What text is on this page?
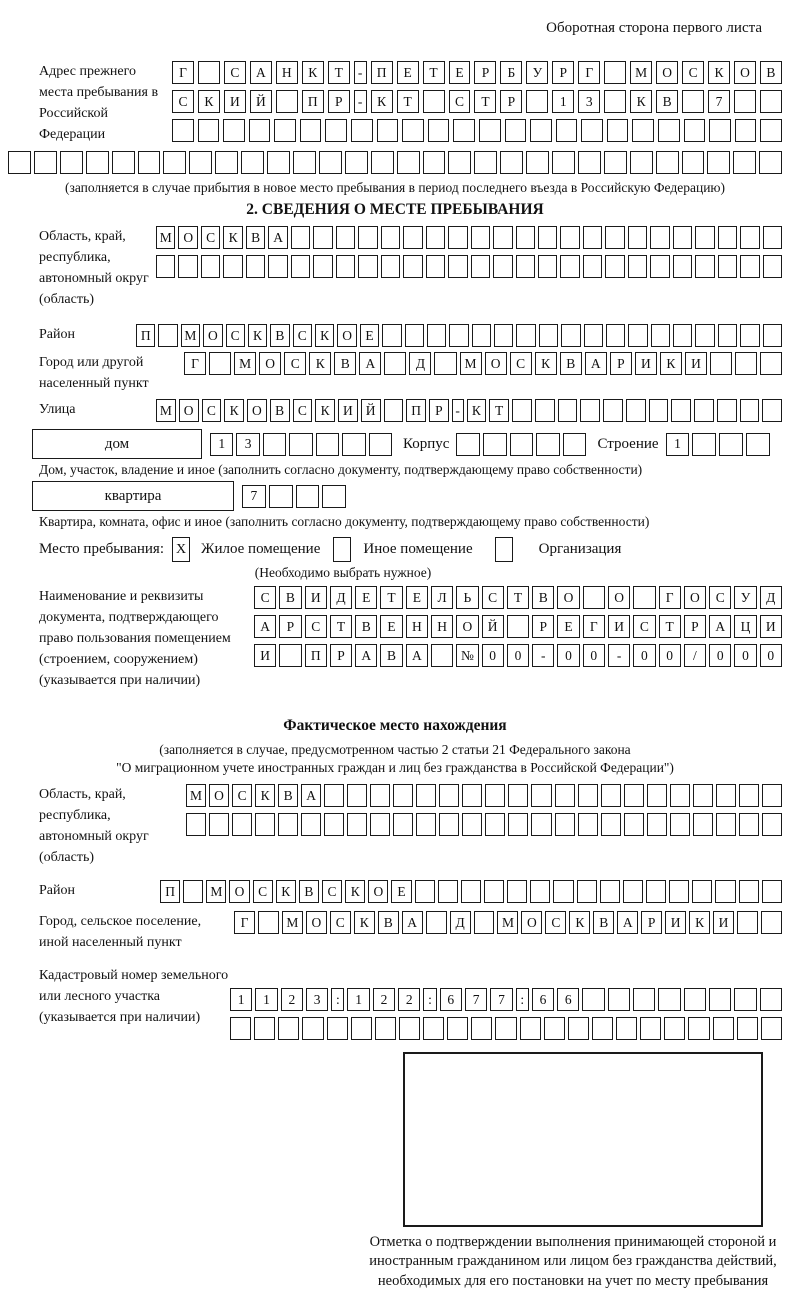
Оборотная сторона первого листа
Адрес прежнего места пребывания в Российской Федерации
Г	С	А	Н	К	Т	-	П	Е	Т	Е	Р	Б	У	Р	Г	М	О	С	К	О	В
С	К	И	Й	П	Р	-	К	Т	С	Т	Р	1	3	К	В	7
(заполняется в случае прибытия в новое место пребывания в период последнего въезда в Российскую Федерацию)
2. СВЕДЕНИЯ О МЕСТЕ ПРЕБЫВАНИЯ
Область, край, республика, автономный округ (область)
М О С К В А
Район	П	М О С К В С К О Е
Город или другой населенный пункт
Г	М	О	С	К	В	А	Д	М	О	С	К	В	А	Р	И	К	И
Улица	М О С	К О В	С	К И Й	П	Р - К	Т
дом	1	3	Корпус	Строение	1
Дом, участок, владение и иное (заполнить согласно документу, подтверждающему право собственности)
квартира	7
Квартира, комната, офис и иное (заполнить согласно документу, подтверждающему право собственности)
Место пребывания: X Жилое помещение	Иное помещение	Организация
(Необходимо выбрать нужное)
Наименование и реквизиты документа, подтверждающего право пользования помещением (строением, сооружением) (указывается при наличии)
С	В	И	Д	Е	Т	Е	Л	Ь	С	Т	В	О	О	Г	О	С	У	Д
А	Р	С	Т	В	Е	Н	Н	О	Й	Р	Е	Г	И	С	Т	Р	А	Ц	И
И	П	Р	А	В	А	№	0	0	-	0	0	-	0	0	/	0	0	0
Фактическое место нахождения
(заполняется в случае, предусмотренном частью 2 статьи 21 Федерального закона
"О миграционном учете иностранных граждан и лиц без гражданства в Российской Федерации")
Область, край, республика, автономный округ (область)
М О	С	К	В	А
Район	П	М О	С	К	В	С	К	О	Е
Город, сельское поселение, иной населенный пункт
Г	М О	С	К	В	А	Д	М О	С	К	В	А	Р	И	К	И
Кадастровый номер земельного или лесного участка (указывается при наличии)
1	1	2	3	:	1	2	2	:	6	7	7	:	6	6
Отметка о подтверждении выполнения принимающей стороной и иностранным гражданином или лицом без гражданства действий, необходимых для его постановки на учет по месту пребывания
